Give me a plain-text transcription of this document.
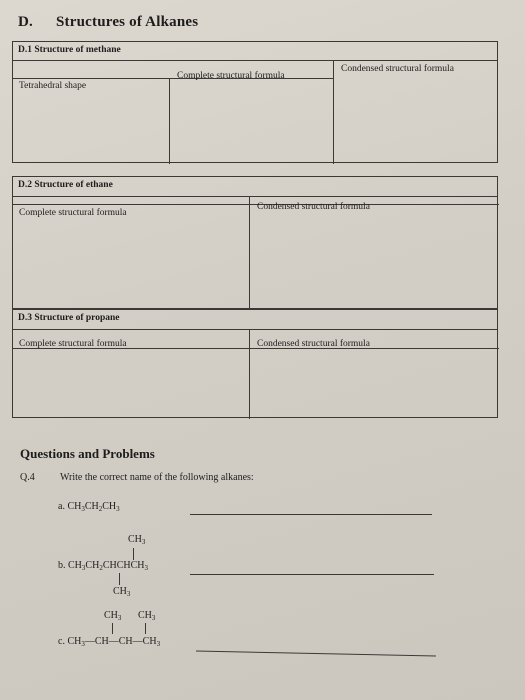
D. Structures of Alkanes
D.1 Structure of methane
Tetrahedral shape
Complete structural formula
Condensed structural formula
D.2 Structure of ethane
Complete structural formula
Condensed structural formula
D.3 Structure of propane
Complete structural formula	Condensed structural formula
Questions and Problems
Q.4	Write the correct name of the following alkanes:
a. $CH_3CH_2CH_3$
$CH_3$
b. $CH_3CH_2CHCHCH_3$
$CH_3$
$CH_3$ $CH_3$
c. $CH_3—CH—CH—CH_3$
